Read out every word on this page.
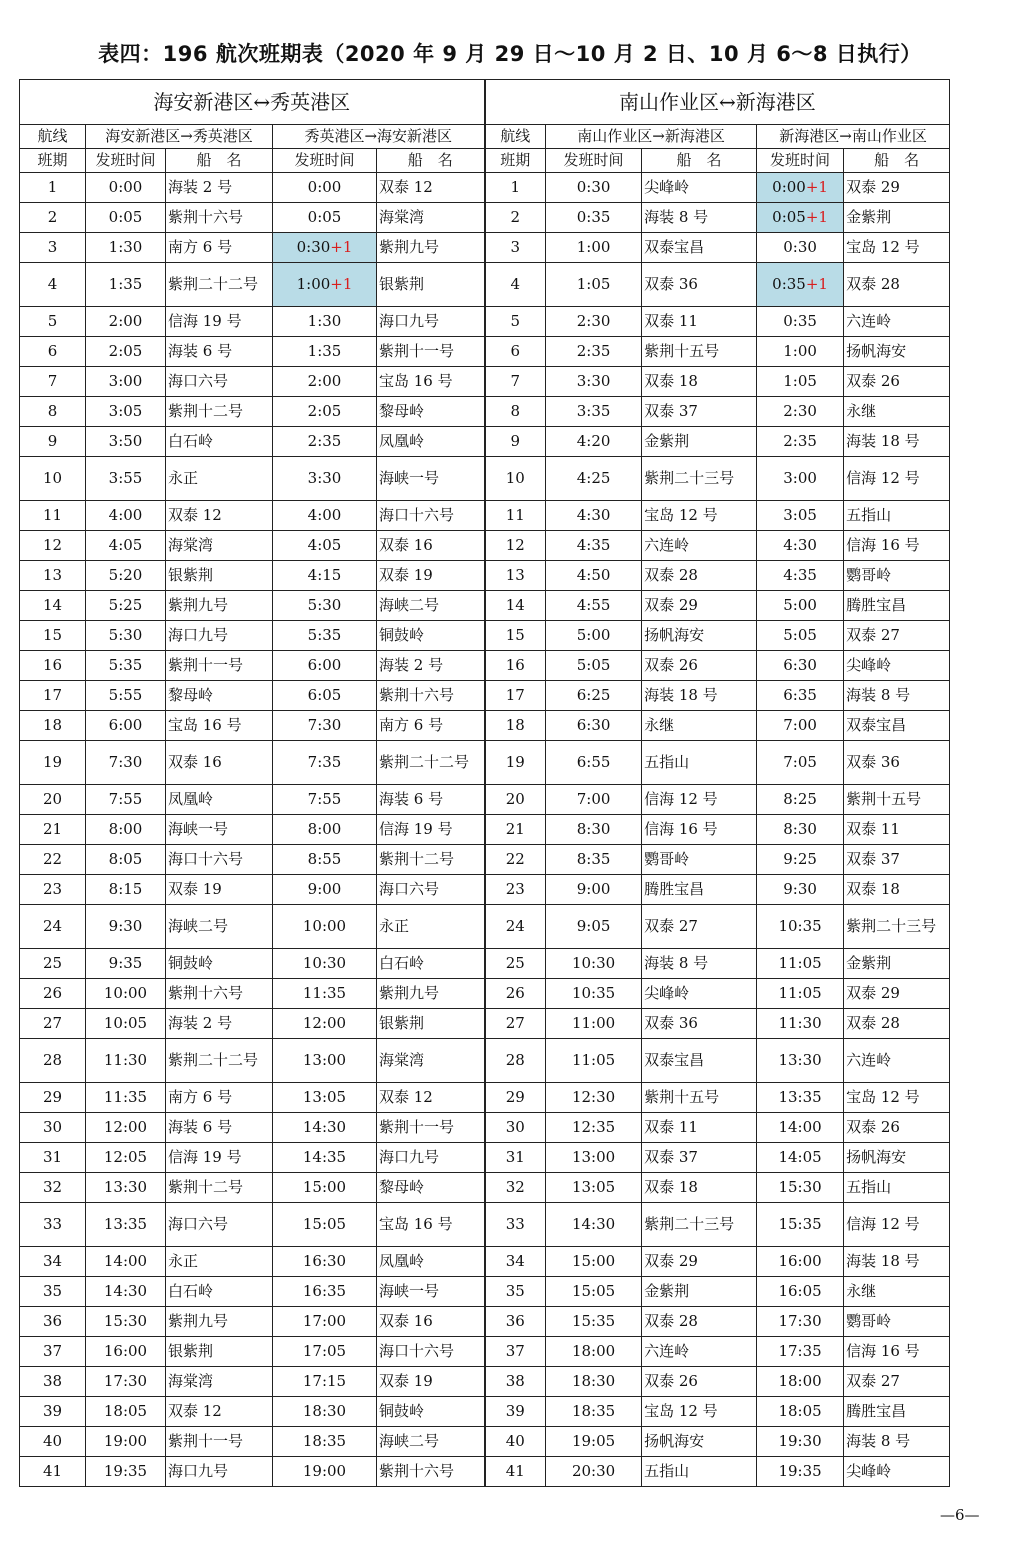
表四：196 航次班期表（2020 年 9 月 29 日～10 月 2 日、10 月 6～8 日执行）
海安新港区↔秀英港区					南山作业区↔新海港区				
航线	海安新港区→秀英港区		秀英港区→海安新港区		航线	南山作业区→新海港区		新海港区→南山作业区	
班期	发班时间	船　名	发班时间	船　名	班期	发班时间	船　名	发班时间	船　名
1	0:00	海装 2 号	0:00	双泰 12	1	0:30	尖峰岭	0:00+1	双泰 29
2	0:05	紫荆十六号	0:05	海棠湾	2	0:35	海装 8 号	0:05+1	金紫荆
3	1:30	南方 6 号	0:30+1	紫荆九号	3	1:00	双泰宝昌	0:30	宝岛 12 号
4	1:35	紫荆二十二号	1:00+1	银紫荆	4	1:05	双泰 36	0:35+1	双泰 28
5	2:00	信海 19 号	1:30	海口九号	5	2:30	双泰 11	0:35	六连岭
6	2:05	海装 6 号	1:35	紫荆十一号	6	2:35	紫荆十五号	1:00	扬帆海安
7	3:00	海口六号	2:00	宝岛 16 号	7	3:30	双泰 18	1:05	双泰 26
8	3:05	紫荆十二号	2:05	黎母岭	8	3:35	双泰 37	2:30	永继
9	3:50	白石岭	2:35	凤凰岭	9	4:20	金紫荆	2:35	海装 18 号
10	3:55	永正	3:30	海峡一号	10	4:25	紫荆二十三号	3:00	信海 12 号
11	4:00	双泰 12	4:00	海口十六号	11	4:30	宝岛 12 号	3:05	五指山
12	4:05	海棠湾	4:05	双泰 16	12	4:35	六连岭	4:30	信海 16 号
13	5:20	银紫荆	4:15	双泰 19	13	4:50	双泰 28	4:35	鹦哥岭
14	5:25	紫荆九号	5:30	海峡二号	14	4:55	双泰 29	5:00	腾胜宝昌
15	5:30	海口九号	5:35	铜鼓岭	15	5:00	扬帆海安	5:05	双泰 27
16	5:35	紫荆十一号	6:00	海装 2 号	16	5:05	双泰 26	6:30	尖峰岭
17	5:55	黎母岭	6:05	紫荆十六号	17	6:25	海装 18 号	6:35	海装 8 号
18	6:00	宝岛 16 号	7:30	南方 6 号	18	6:30	永继	7:00	双泰宝昌
19	7:30	双泰 16	7:35	紫荆二十二号	19	6:55	五指山	7:05	双泰 36
20	7:55	凤凰岭	7:55	海装 6 号	20	7:00	信海 12 号	8:25	紫荆十五号
21	8:00	海峡一号	8:00	信海 19 号	21	8:30	信海 16 号	8:30	双泰 11
22	8:05	海口十六号	8:55	紫荆十二号	22	8:35	鹦哥岭	9:25	双泰 37
23	8:15	双泰 19	9:00	海口六号	23	9:00	腾胜宝昌	9:30	双泰 18
24	9:30	海峡二号	10:00	永正	24	9:05	双泰 27	10:35	紫荆二十三号
25	9:35	铜鼓岭	10:30	白石岭	25	10:30	海装 8 号	11:05	金紫荆
26	10:00	紫荆十六号	11:35	紫荆九号	26	10:35	尖峰岭	11:05	双泰 29
27	10:05	海装 2 号	12:00	银紫荆	27	11:00	双泰 36	11:30	双泰 28
28	11:30	紫荆二十二号	13:00	海棠湾	28	11:05	双泰宝昌	13:30	六连岭
29	11:35	南方 6 号	13:05	双泰 12	29	12:30	紫荆十五号	13:35	宝岛 12 号
30	12:00	海装 6 号	14:30	紫荆十一号	30	12:35	双泰 11	14:00	双泰 26
31	12:05	信海 19 号	14:35	海口九号	31	13:00	双泰 37	14:05	扬帆海安
32	13:30	紫荆十二号	15:00	黎母岭	32	13:05	双泰 18	15:30	五指山
33	13:35	海口六号	15:05	宝岛 16 号	33	14:30	紫荆二十三号	15:35	信海 12 号
34	14:00	永正	16:30	凤凰岭	34	15:00	双泰 29	16:00	海装 18 号
35	14:30	白石岭	16:35	海峡一号	35	15:05	金紫荆	16:05	永继
36	15:30	紫荆九号	17:00	双泰 16	36	15:35	双泰 28	17:30	鹦哥岭
37	16:00	银紫荆	17:05	海口十六号	37	18:00	六连岭	17:35	信海 16 号
38	17:30	海棠湾	17:15	双泰 19	38	18:30	双泰 26	18:00	双泰 27
39	18:05	双泰 12	18:30	铜鼓岭	39	18:35	宝岛 12 号	18:05	腾胜宝昌
40	19:00	紫荆十一号	18:35	海峡二号	40	19:05	扬帆海安	19:30	海装 8 号
41	19:35	海口九号	19:00	紫荆十六号	41	20:30	五指山	19:35	尖峰岭
—6—
